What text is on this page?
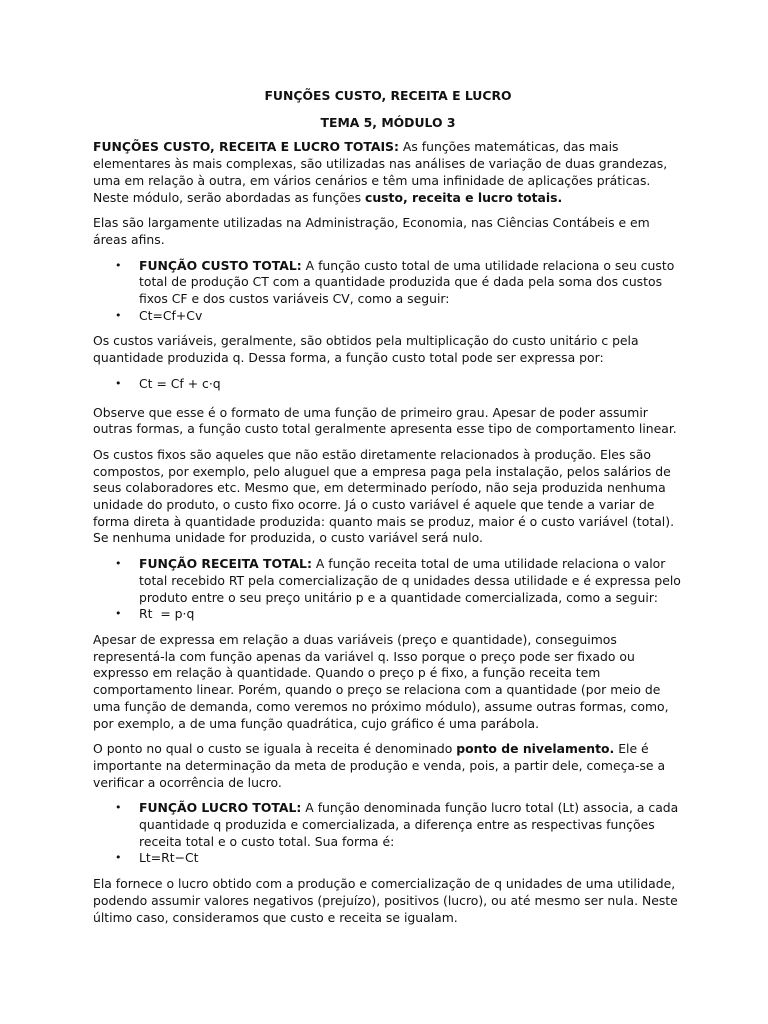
FUNÇÕES CUSTO, RECEITA E LUCRO
TEMA 5, MÓDULO 3

FUNÇÕES CUSTO, RECEITA E LUCRO TOTAIS: As funções matemáticas, das mais elementares às mais complexas, são utilizadas nas análises de variação de duas grandezas, uma em relação à outra, em vários cenários e têm uma infinidade de aplicações práticas. Neste módulo, serão abordadas as funções custo, receita e lucro totais.

Elas são largamente utilizadas na Administração, Economia, nas Ciências Contábeis e em áreas afins.

•	FUNÇÃO CUSTO TOTAL: A função custo total de uma utilidade relaciona o seu custo total de produção CT com a quantidade produzida que é dada pela soma dos custos fixos CF e dos custos variáveis CV, como a seguir:
•	Ct=Cf+Cv

Os custos variáveis, geralmente, são obtidos pela multiplicação do custo unitário c pela quantidade produzida q. Dessa forma, a função custo total pode ser expressa por:

•	Ct = Cf + c·q

Observe que esse é o formato de uma função de primeiro grau. Apesar de poder assumir outras formas, a função custo total geralmente apresenta esse tipo de comportamento linear.

Os custos fixos são aqueles que não estão diretamente relacionados à produção. Eles são compostos, por exemplo, pelo aluguel que a empresa paga pela instalação, pelos salários de seus colaboradores etc. Mesmo que, em determinado período, não seja produzida nenhuma unidade do produto, o custo fixo ocorre. Já o custo variável é aquele que tende a variar de forma direta à quantidade produzida: quanto mais se produz, maior é o custo variável (total). Se nenhuma unidade for produzida, o custo variável será nulo.

•	FUNÇÃO RECEITA TOTAL: A função receita total de uma utilidade relaciona o valor total recebido RT pela comercialização de q unidades dessa utilidade e é expressa pelo produto entre o seu preço unitário p e a quantidade comercializada, como a seguir:
•	Rt  = p·q

Apesar de expressa em relação a duas variáveis (preço e quantidade), conseguimos representá-la com função apenas da variável q. Isso porque o preço pode ser fixado ou expresso em relação à quantidade. Quando o preço p é fixo, a função receita tem comportamento linear. Porém, quando o preço se relaciona com a quantidade (por meio de uma função de demanda, como veremos no próximo módulo), assume outras formas, como, por exemplo, a de uma função quadrática, cujo gráfico é uma parábola.

O ponto no qual o custo se iguala à receita é denominado ponto de nivelamento. Ele é importante na determinação da meta de produção e venda, pois, a partir dele, começa-se a verificar a ocorrência de lucro.

•	FUNÇÃO LUCRO TOTAL: A função denominada função lucro total (Lt) associa, a cada quantidade q produzida e comercializada, a diferença entre as respectivas funções receita total e o custo total. Sua forma é:
•	Lt=Rt−Ct

Ela fornece o lucro obtido com a produção e comercialização de q unidades de uma utilidade, podendo assumir valores negativos (prejuízo), positivos (lucro), ou até mesmo ser nula. Neste último caso, consideramos que custo e receita se igualam.
